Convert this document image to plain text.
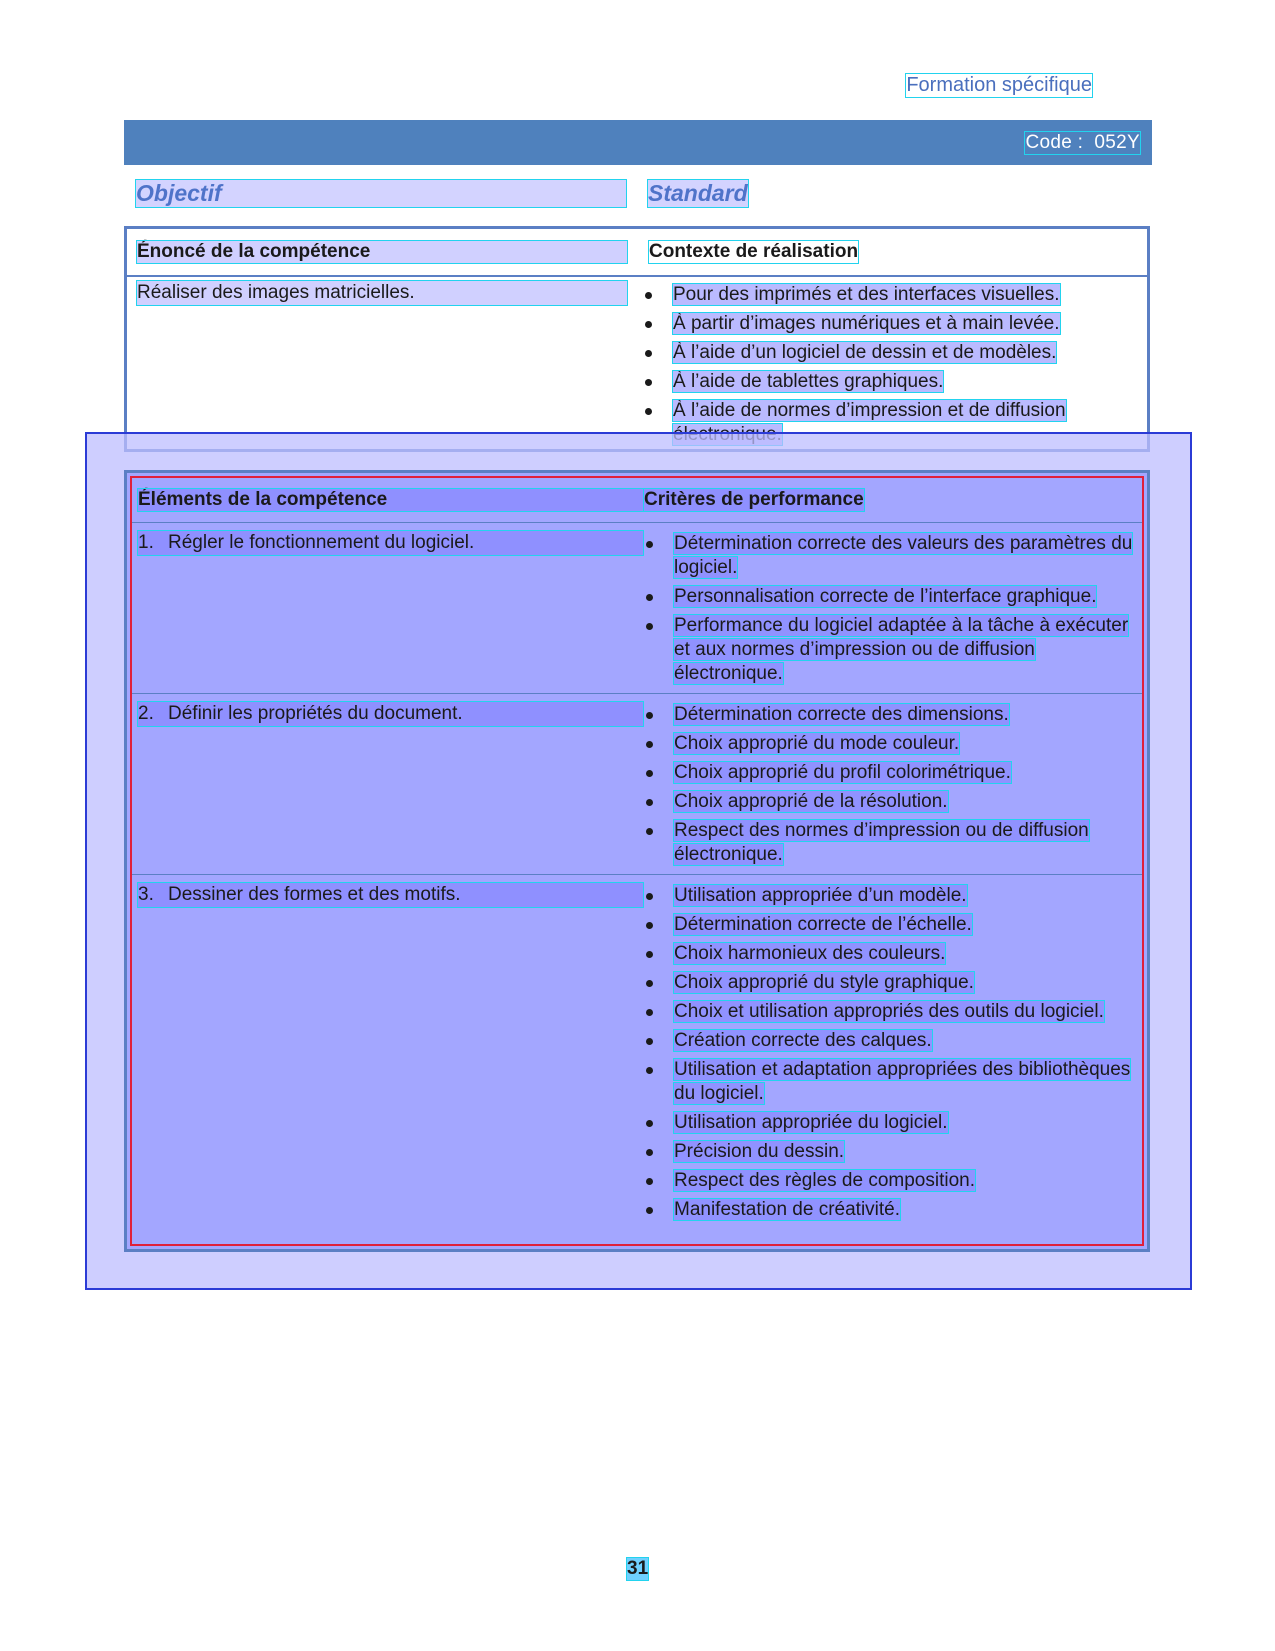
Formation spécifique
Code : 052Y
Objectif	Standard
Énoncé de la compétence	Contexte de réalisation
Réaliser des images matricielles.	Pour des imprimés et des interfaces visuelles.
À partir d’images numériques et à main levée.
À l’aide d’un logiciel de dessin et de modèles.
À l’aide de tablettes graphiques.
À l’aide de normes d’impression et de diffusion
Éléments de la compétence	Critères de performance
1. Régler le fonctionnement du logiciel.	Détermination correcte des valeurs des paramètres du logiciel.
Personnalisation correcte de l’interface graphique.
Performance du logiciel adaptée à la tâche à exécuter et aux normes d’impression ou de diffusion électronique.
2. Définir les propriétés du document.	Détermination correcte des dimensions.
Choix approprié du mode couleur.
Choix approprié du profil colorimétrique.
Choix approprié de la résolution.
Respect des normes d’impression ou de diffusion électronique.
3. Dessiner des formes et des motifs.	Utilisation appropriée d’un modèle.
Détermination correcte de l’échelle.
Choix harmonieux des couleurs.
Choix approprié du style graphique.
Choix et utilisation appropriés des outils du logiciel.
Création correcte des calques.
Utilisation et adaptation appropriées des bibliothèques du logiciel.
Utilisation appropriée du logiciel.
Précision du dessin.
Respect des règles de composition.
Manifestation de créativité.
31
